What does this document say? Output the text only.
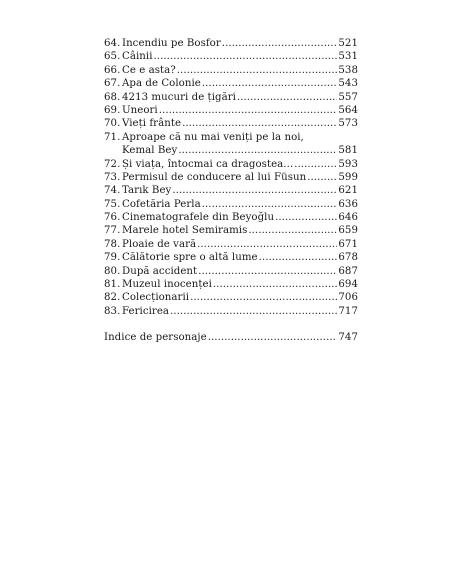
64. Incendiu pe Bosfor .....	521
65. Câinii .....	531
66. Ce e asta? .....	538
67. Apa de Colonie .....	543
68. 4213 mucuri de țigări .....	557
69. Uneori .....	564
70. Vieți frânte .....	573
71. Aproape că nu mai veniți pe la noi,
Kemal Bey .....	581
72. Și viața, întocmai ca dragostea... .....	593
73. Permisul de conducere al lui Füsun .....	599
74. Tarık Bey .....	621
75. Cofetăria Perla .....	636
76. Cinematografele din Beyoğlu .....	646
77. Marele hotel Semiramis .....	659
78. Ploaie de vară .....	671
79. Călătorie spre o altă lume .....	678
80. După accident .....	687
81. Muzeul inocenței .....	694
82. Colecționarii .....	706
83. Fericirea .....	717
Indice de personaje .....	747
